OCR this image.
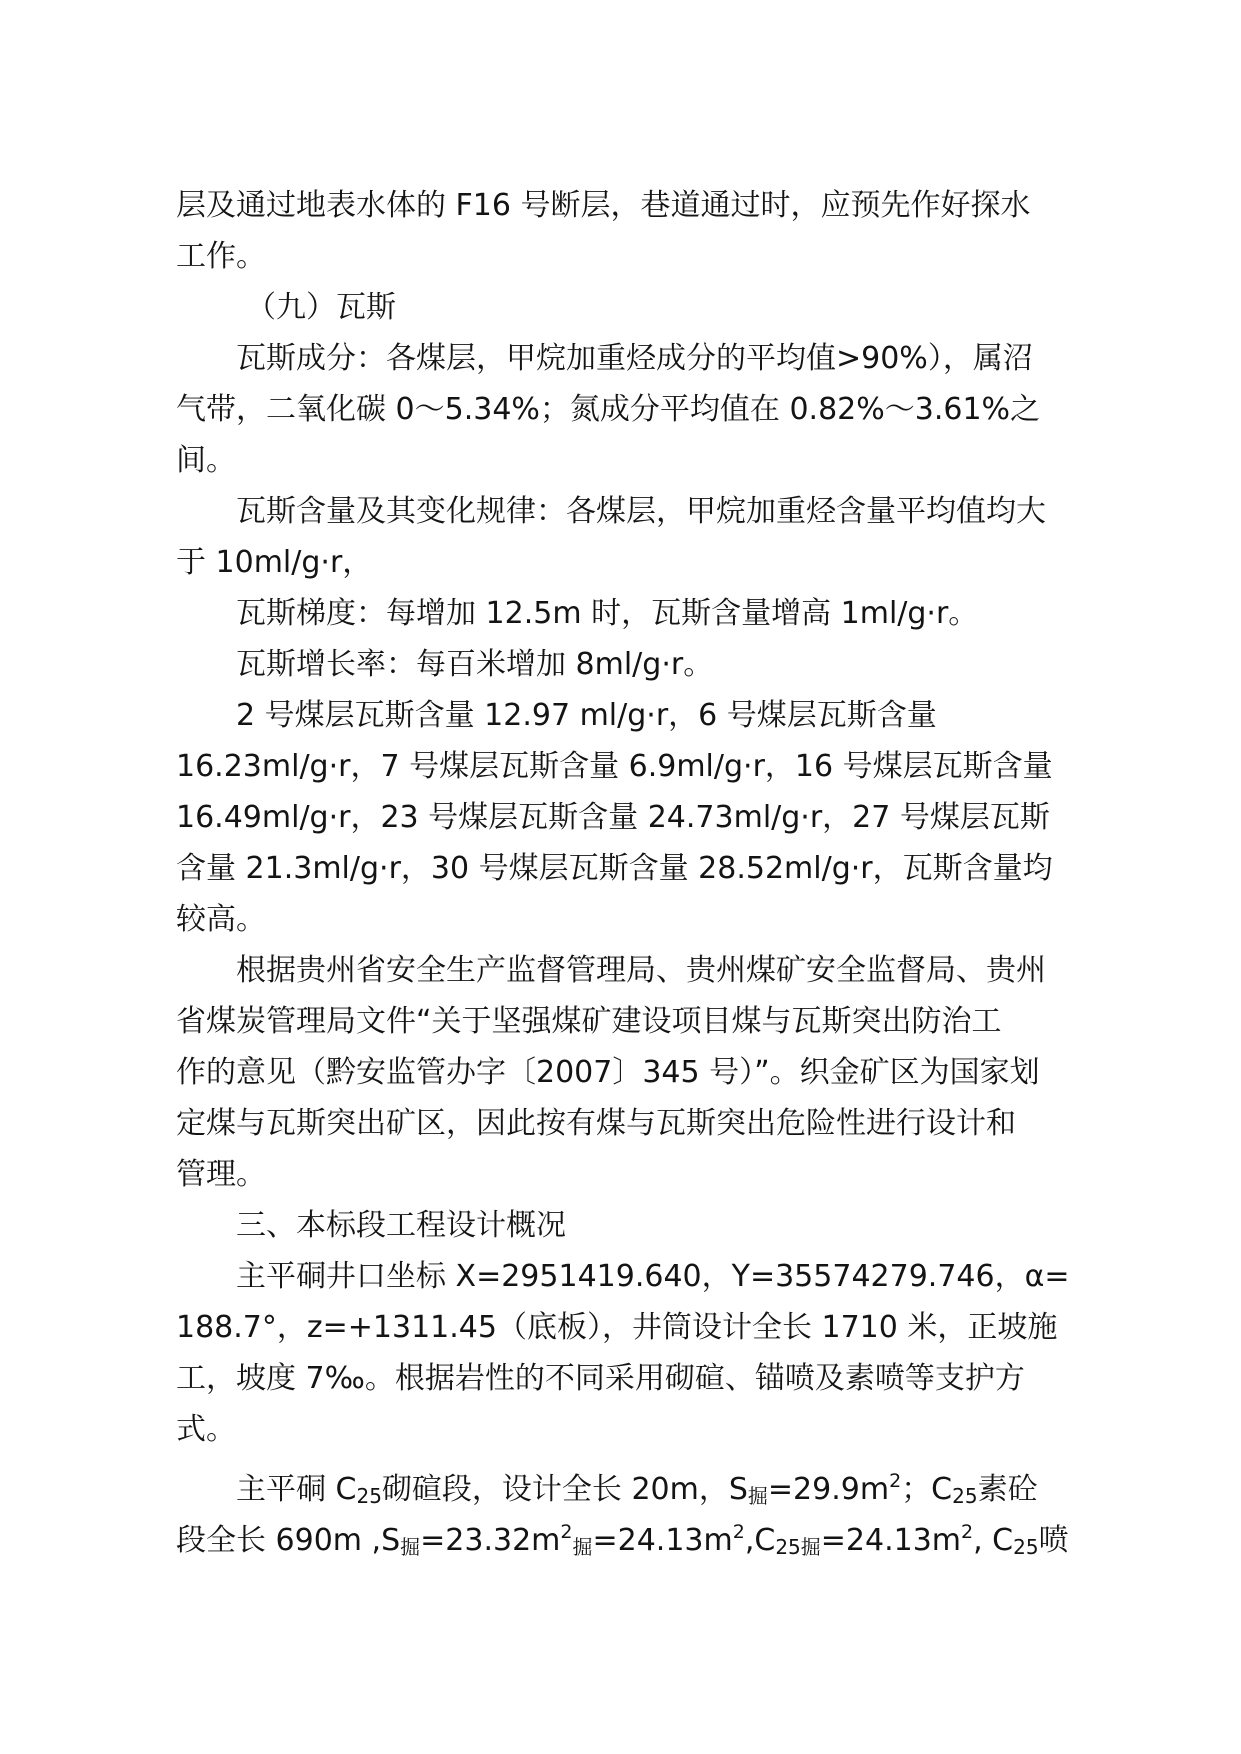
层及通过地表水体的 F16 号断层，巷道通过时，应预先作好探水
工作。
（九）瓦斯
瓦斯成分：各煤层，甲烷加重烃成分的平均值>90%），属沼
气带，二氧化碳 0～5.34%；氮成分平均值在 0.82%～3.61%之
间。
瓦斯含量及其变化规律：各煤层，甲烷加重烃含量平均值均大
于 10ml/g·r，
瓦斯梯度：每增加 12.5m 时，瓦斯含量增高 1ml/g·r。
瓦斯增长率：每百米增加 8ml/g·r。
2 号煤层瓦斯含量 12.97 ml/g·r，6 号煤层瓦斯含量
16.23ml/g·r，7 号煤层瓦斯含量 6.9ml/g·r，16 号煤层瓦斯含量
16.49ml/g·r，23 号煤层瓦斯含量 24.73ml/g·r，27 号煤层瓦斯
含量 21.3ml/g·r，30 号煤层瓦斯含量 28.52ml/g·r，瓦斯含量均
较高。
根据贵州省安全生产监督管理局、贵州煤矿安全监督局、贵州
省煤炭管理局文件“关于坚强煤矿建设项目煤与瓦斯突出防治工
作的意见（黔安监管办字〔2007〕345 号）”。织金矿区为国家划
定煤与瓦斯突出矿区，因此按有煤与瓦斯突出危险性进行设计和
管理。
三、本标段工程设计概况
主平硐井口坐标 X=2951419.640，Y=35574279.746，α=
188.7°，z=+1311.45（底板），井筒设计全长 1710 米，正坡施
工，坡度 7‰。根据岩性的不同采用砌碹、锚喷及素喷等支护方
式。
主平硐 $C_{25}$砌碹段，设计全长 20m，$S_掘=29.9m^2$；$C_{25}$素砼
段全长 690m $,S_掘=23.32m^2_掘=24.13m^2,C_{25掘}=24.13m^2$, $C_{25}$喷
